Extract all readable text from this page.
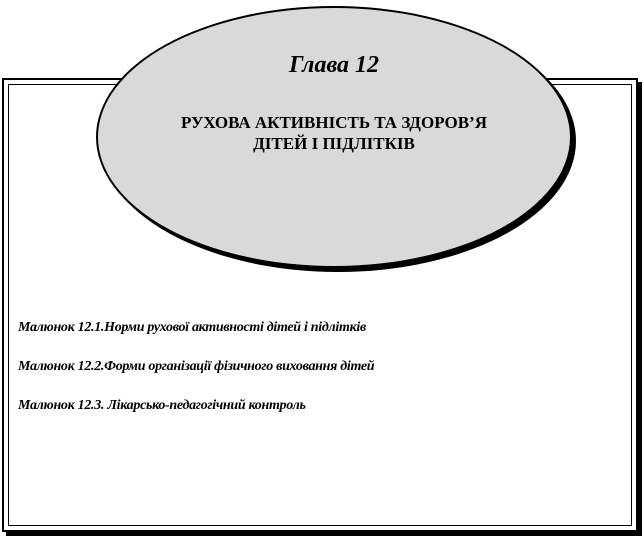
Глава 12
РУХОВА АКТИВНІСТЬ ТА ЗДОРОВ’Я ДІТЕЙ І ПІДЛІТКІВ
Малюнок 12.1.Норми рухової активності дітей і підлітків
Малюнок 12.2.Форми організації фізичного виховання дітей
Малюнок 12.3. Лікарсько-педагогічний контроль
